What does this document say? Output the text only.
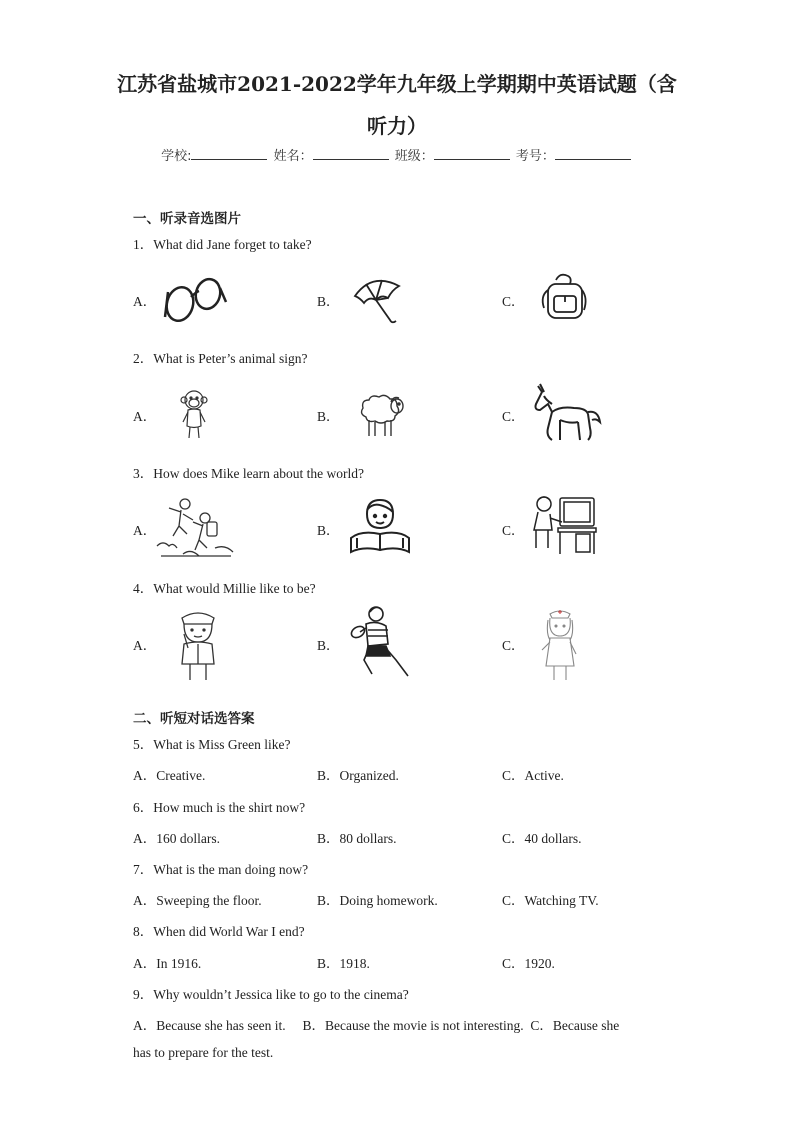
江苏省盐城市2021-2022学年九年级上学期期中英语试题（含
听力）
学校:	姓名：	班级：	考号：
一、听录音选图片
1．What did Jane forget to take?
A．	B．	C．
2．What is Peter’s animal sign?
A．	B．	C．
3．How does Mike learn about the world?
A．	B．	C．
4．What would Millie like to be?
A．	B．	C．
二、听短对话选答案
5．What is Miss Green like?
A．Creative.	B．Organized.	C．Active.
6．How much is the shirt now?
A．160 dollars.	B．80 dollars.	C．40 dollars.
7．What is the man doing now?
A．Sweeping the floor.	B．Doing homework.	C．Watching TV.
8．When did World War I end?
A．In 1916.	B．1918.	C．1920.
9．Why wouldn’t Jessica like to go to the cinema?
A．Because she has seen it.     B．Because the movie is not interesting.  C．Because she
has to prepare for the test.
